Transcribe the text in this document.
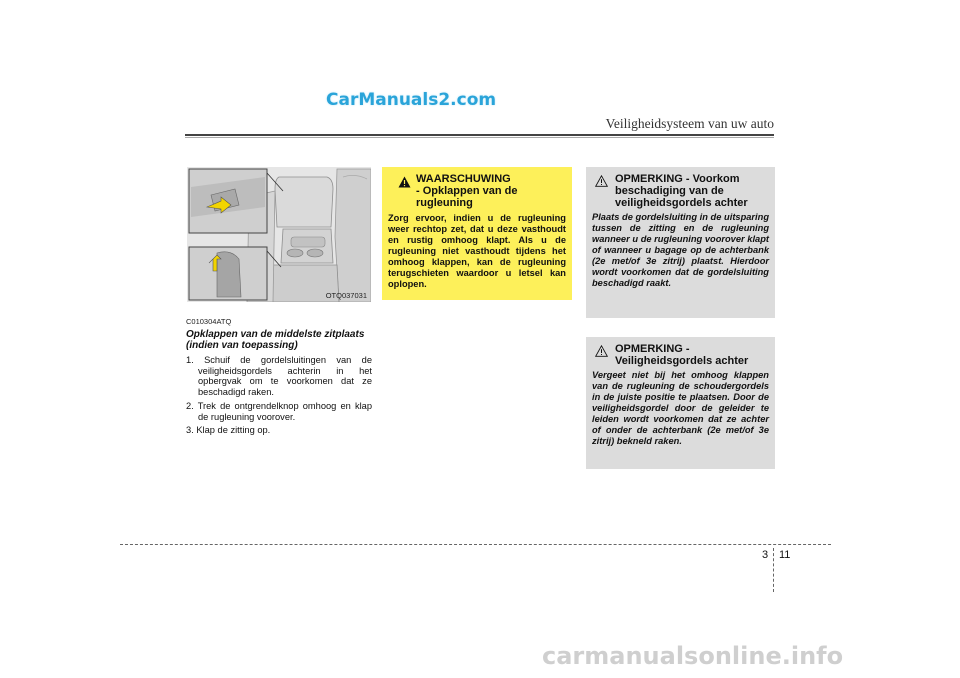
CarManuals2.com
Veiligheidsysteem van uw auto
OTQ037031
C010304ATQ
Opklappen van de middelste zitplaats (indien van toepassing)
1. Schuif de gordelsluitingen van de veiligheidsgordels achterin in het opbergvak om te voorkomen dat ze beschadigd raken.
2. Trek de ontgrendelknop omhoog en klap de rugleuning voorover.
3. Klap de zitting op.
WAARSCHUWING
- Opklappen van de rugleuning
Zorg ervoor, indien u de rugleuning weer rechtop zet, dat u deze vasthoudt en rustig omhoog klapt. Als u de rugleuning niet vasthoudt tijdens het omhoog klappen, kan de rugleuning terugschieten waardoor u letsel kan oplopen.
OPMERKING - Voorkom beschadiging van de veiligheidsgordels achter
Plaats de gordelsluiting in de uitsparing tussen de zitting en de rugleuning wanneer u de rugleuning voorover klapt of wanneer u bagage op de achterbank (2e met/of 3e zitrij) plaatst. Hierdoor wordt voorkomen dat de gordelsluiting beschadigd raakt.
OPMERKING - Veiligheidsgordels achter
Vergeet niet bij het omhoog klappen van de rugleuning de schoudergordels in de juiste positie te plaatsen. Door de veiligheidsgordel door de geleider te leiden wordt voorkomen dat ze achter of onder de achterbank (2e met/of 3e zitrij) bekneld raken.
3 11
carmanualsonline.info
